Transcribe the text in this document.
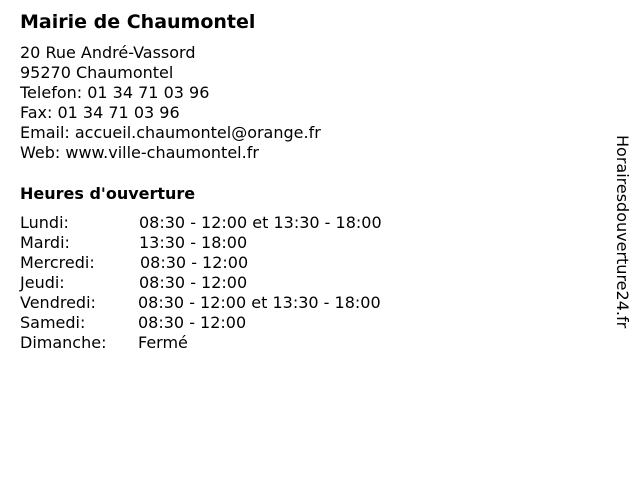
Mairie de Chaumontel
20 Rue André-Vassord
95270 Chaumontel
Telefon: 01 34 71 03 96
Fax: 01 34 71 03 96
Email: accueil.chaumontel@orange.fr
Web: www.ville-chaumontel.fr
Heures d'ouverture
Lundi:	08:30 - 12:00 et 13:30 - 18:00
Mardi:	13:30 - 18:00
Mercredi:	08:30 - 12:00
Jeudi:	08:30 - 12:00
Vendredi:	08:30 - 12:00 et 13:30 - 18:00
Samedi:	08:30 - 12:00
Dimanche: Fermé
Horairesdouverture24.fr
